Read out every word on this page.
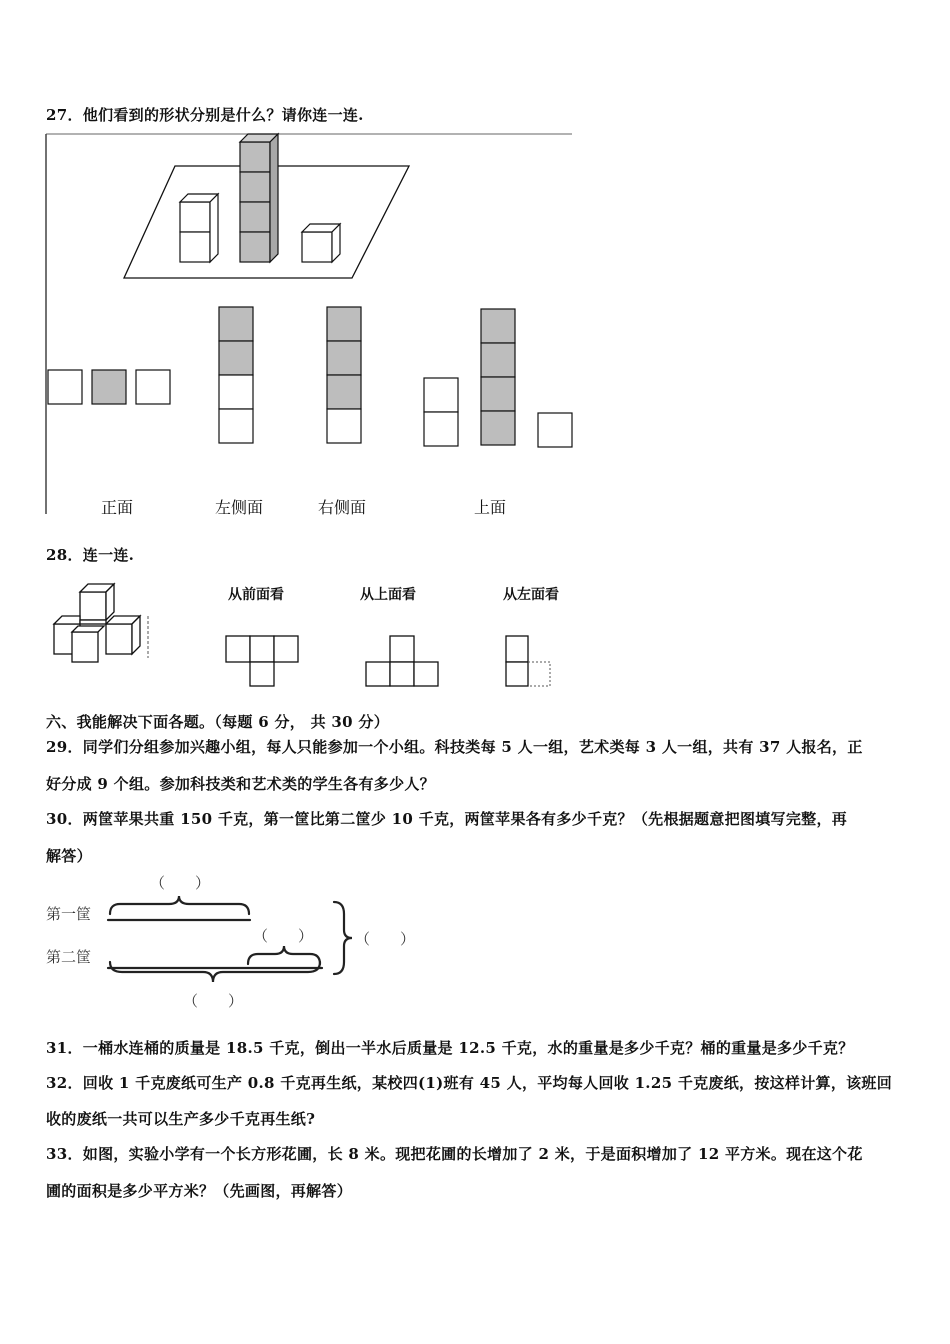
27．他们看到的形状分别是什么？请你连一连.
正面	左侧面	右侧面	上面
28．连一连.
从前面看	从上面看	从左面看
六、我能解决下面各题。（每题 6 分， 共 30 分）
29．同学们分组参加兴趣小组，每人只能参加一个小组。科技类每 5 人一组，艺术类每 3 人一组，共有 37 人报名，正
好分成 9 个组。参加科技类和艺术类的学生各有多少人？
30．两筐苹果共重 150 千克，第一筐比第二筐少 10 千克，两筐苹果各有多少千克？（先根据题意把图填写完整，再
解答）
第一筐
第二筐
（　　）
（　　）	（　　）
（　　）
31．一桶水连桶的质量是 18.5 千克，倒出一半水后质量是 12.5 千克，水的重量是多少千克？桶的重量是多少千克？
32．回收 1 千克废纸可生产 0.8 千克再生纸，某校四(1)班有 45 人，平均每人回收 1.25 千克废纸，按这样计算，该班回
收的废纸一共可以生产多少千克再生纸?
33．如图，实验小学有一个长方形花圃，长 8 米。现把花圃的长增加了 2 米，于是面积增加了 12 平方米。现在这个花
圃的面积是多少平方米？（先画图，再解答）
